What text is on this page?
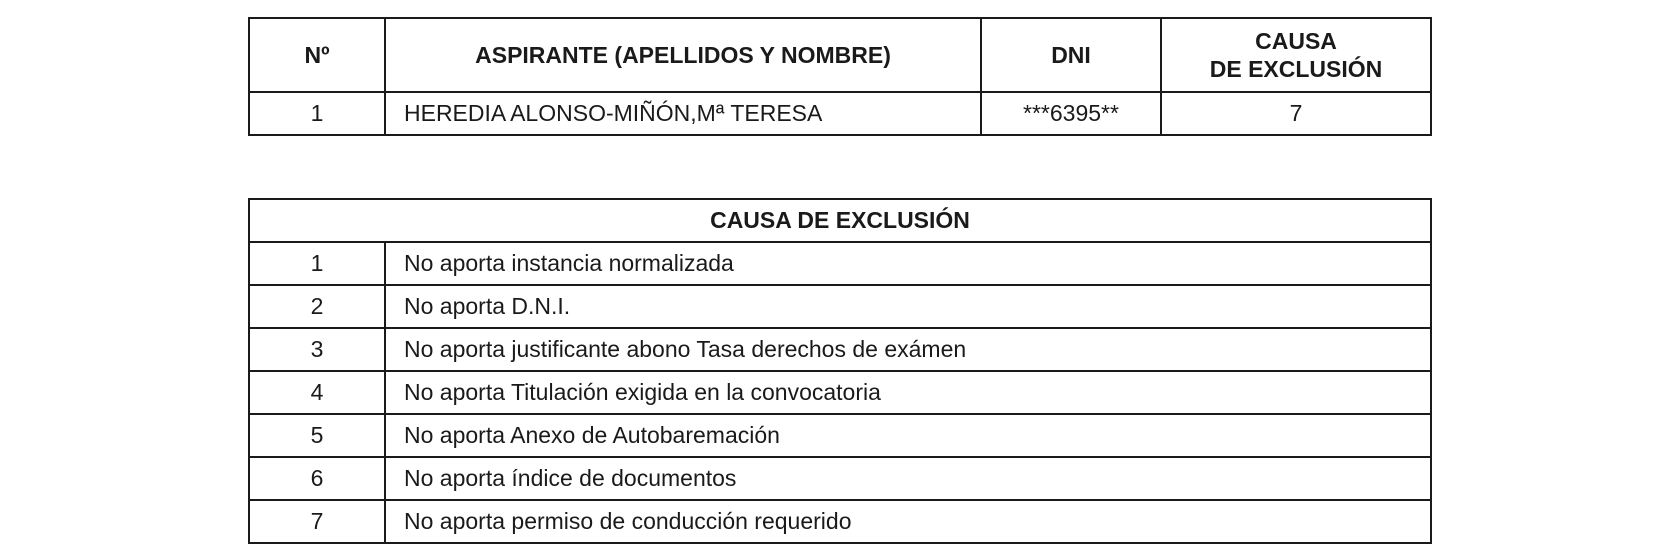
Nº	ASPIRANTE (APELLIDOS Y NOMBRE)	DNI	CAUSA
DE EXCLUSIÓN

1	HEREDIA ALONSO-MIÑÓN,Mª TERESA	***6395**	7
CAUSA DE EXCLUSIÓN	
1	No aporta instancia normalizada
2	No aporta D.N.I.
3	No aporta justificante abono Tasa derechos de exámen
4	No aporta Titulación exigida en la convocatoria
5	No aporta Anexo de Autobaremación
6	No aporta índice de documentos
7	No aporta permiso de conducción requerido
